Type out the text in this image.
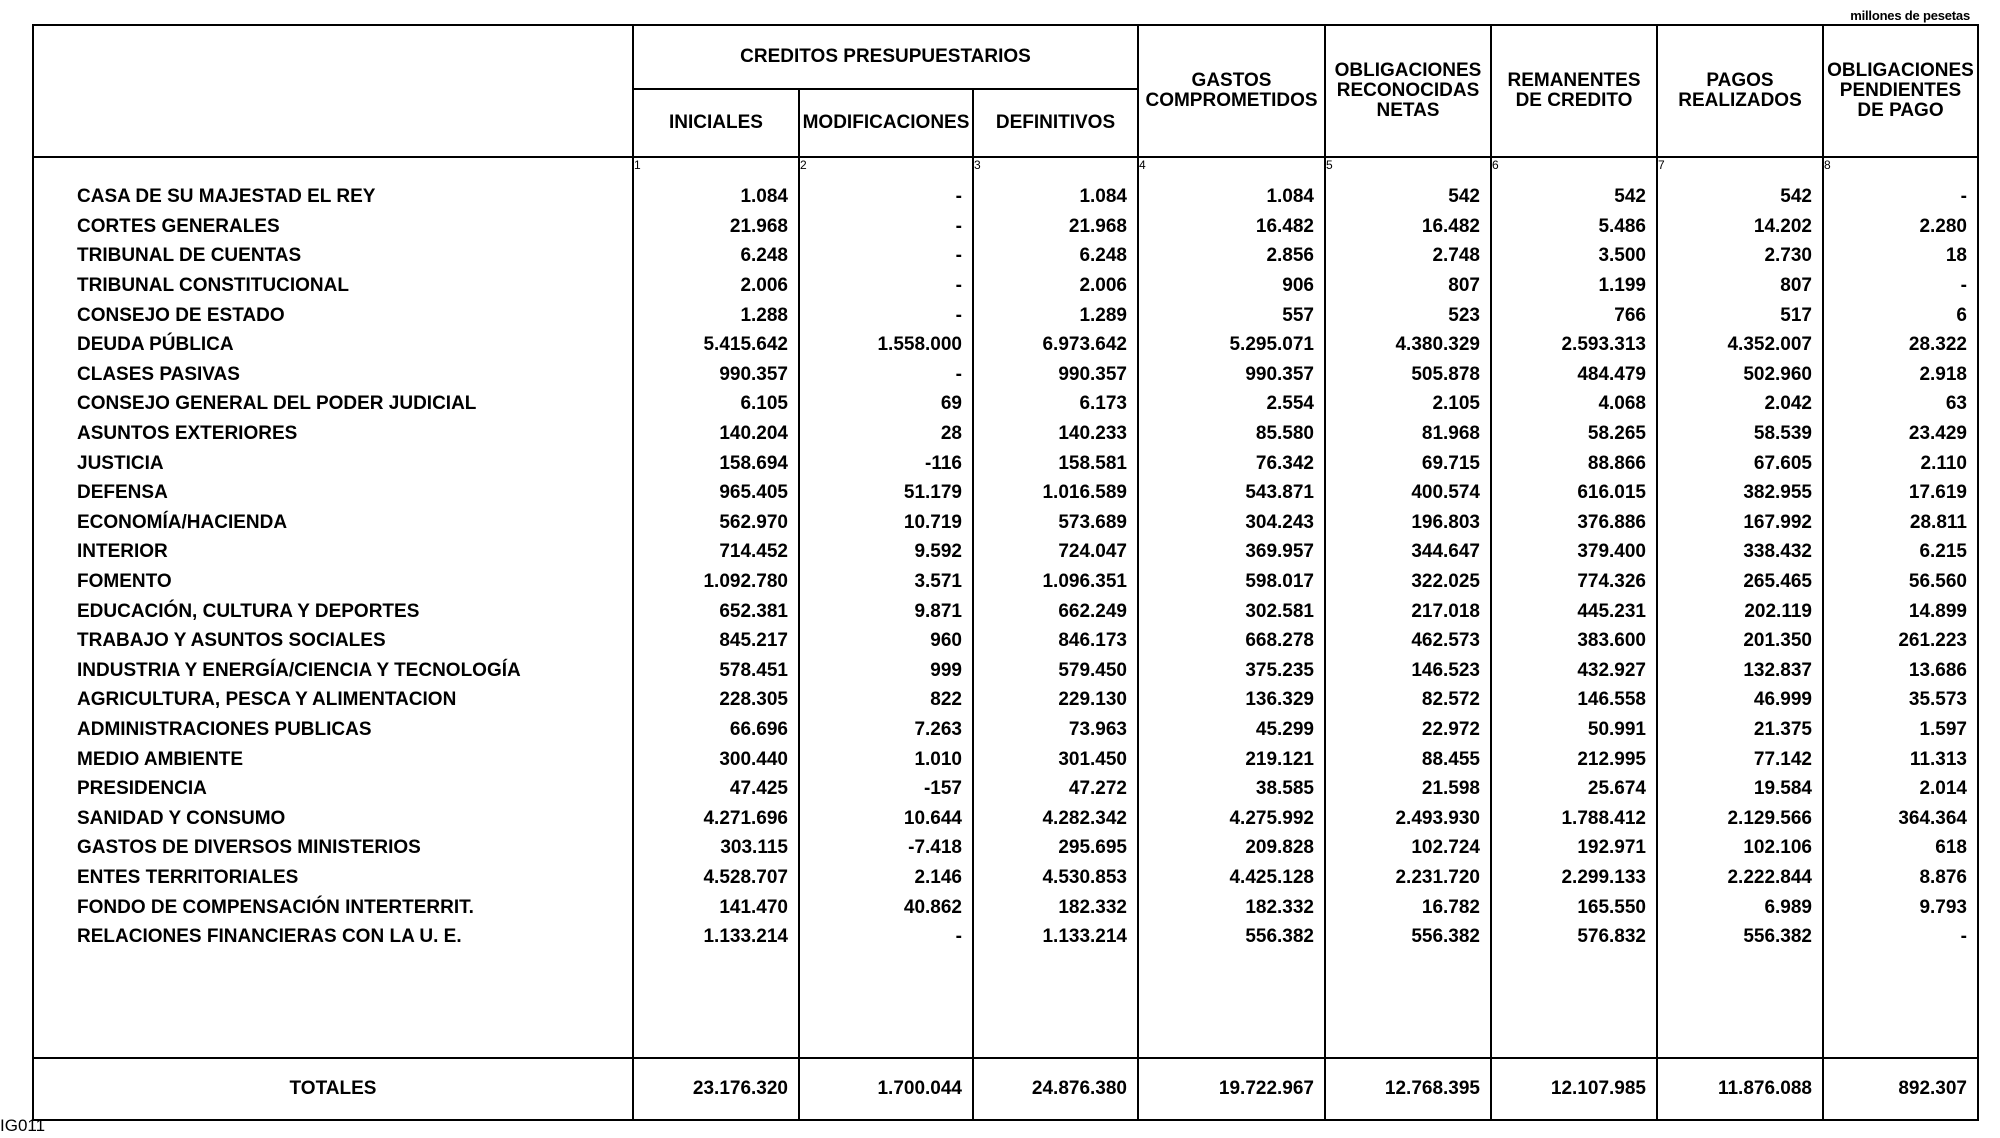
millones de pesetas
	CREDITOS PRESUPUESTARIOS			GASTOS COMPROMETIDOS	OBLIGACIONES RECONOCIDAS NETAS	REMANENTES DE CREDITO	PAGOS REALIZADOS	OBLIGACIONES PENDIENTES DE PAGO
	INICIALES	MODIFICACIONES	DEFINITIVOS					
	1	2	3	4	5	6	7	8
CASA DE SU MAJESTAD EL REY	1.084	-	1.084	1.084	542	542	542	-
CORTES GENERALES	21.968	-	21.968	16.482	16.482	5.486	14.202	2.280
TRIBUNAL DE CUENTAS	6.248	-	6.248	2.856	2.748	3.500	2.730	18
TRIBUNAL CONSTITUCIONAL	2.006	-	2.006	906	807	1.199	807	-
CONSEJO DE ESTADO	1.288	-	1.289	557	523	766	517	6
DEUDA PÚBLICA	5.415.642	1.558.000	6.973.642	5.295.071	4.380.329	2.593.313	4.352.007	28.322
CLASES PASIVAS	990.357	-	990.357	990.357	505.878	484.479	502.960	2.918
CONSEJO GENERAL DEL PODER JUDICIAL	6.105	69	6.173	2.554	2.105	4.068	2.042	63
ASUNTOS EXTERIORES	140.204	28	140.233	85.580	81.968	58.265	58.539	23.429
JUSTICIA	158.694	-116	158.581	76.342	69.715	88.866	67.605	2.110
DEFENSA	965.405	51.179	1.016.589	543.871	400.574	616.015	382.955	17.619
ECONOMÍA/HACIENDA	562.970	10.719	573.689	304.243	196.803	376.886	167.992	28.811
INTERIOR	714.452	9.592	724.047	369.957	344.647	379.400	338.432	6.215
FOMENTO	1.092.780	3.571	1.096.351	598.017	322.025	774.326	265.465	56.560
EDUCACIÓN, CULTURA Y DEPORTES	652.381	9.871	662.249	302.581	217.018	445.231	202.119	14.899
TRABAJO Y ASUNTOS SOCIALES	845.217	960	846.173	668.278	462.573	383.600	201.350	261.223
INDUSTRIA Y ENERGÍA/CIENCIA Y TECNOLOGÍA	578.451	999	579.450	375.235	146.523	432.927	132.837	13.686
AGRICULTURA, PESCA Y ALIMENTACION	228.305	822	229.130	136.329	82.572	146.558	46.999	35.573
ADMINISTRACIONES PUBLICAS	66.696	7.263	73.963	45.299	22.972	50.991	21.375	1.597
MEDIO AMBIENTE	300.440	1.010	301.450	219.121	88.455	212.995	77.142	11.313
PRESIDENCIA	47.425	-157	47.272	38.585	21.598	25.674	19.584	2.014
SANIDAD Y CONSUMO	4.271.696	10.644	4.282.342	4.275.992	2.493.930	1.788.412	2.129.566	364.364
GASTOS DE DIVERSOS MINISTERIOS	303.115	-7.418	295.695	209.828	102.724	192.971	102.106	618
ENTES TERRITORIALES	4.528.707	2.146	4.530.853	4.425.128	2.231.720	2.299.133	2.222.844	8.876
FONDO DE COMPENSACIÓN INTERTERRIT.	141.470	40.862	182.332	182.332	16.782	165.550	6.989	9.793
RELACIONES FINANCIERAS CON LA U. E.	1.133.214	-	1.133.214	556.382	556.382	576.832	556.382	-

TOTALES	23.176.320	1.700.044	24.876.380	19.722.967	12.768.395	12.107.985	11.876.088	892.307
IG011
